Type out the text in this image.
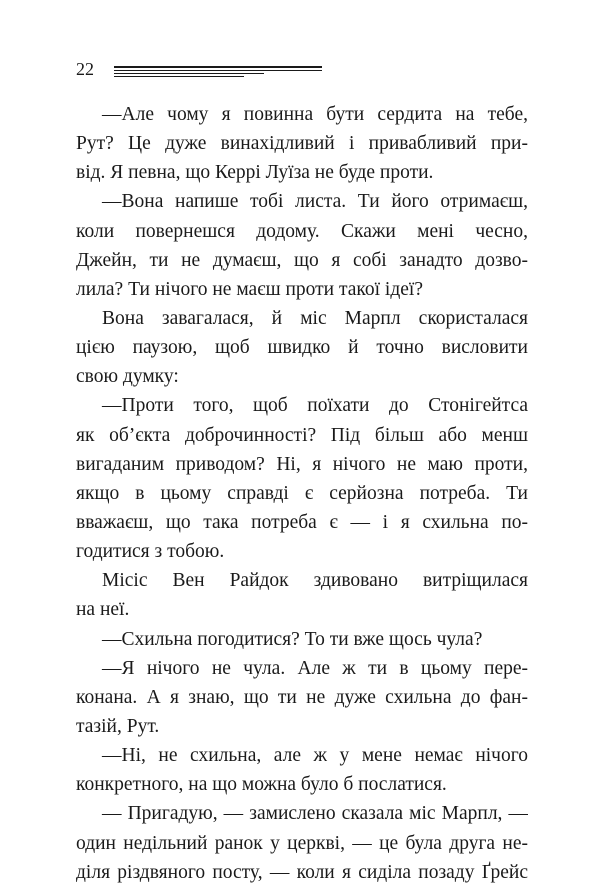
22
—Але чому я повинна бути сердита на тебе,
Рут? Це дуже винахідливий і привабливий при-
від. Я певна, що Керрі Луїза не буде проти.
—Вона напише тобі листа. Ти його отримаєш,
коли повернешся додому. Скажи мені чесно,
Джейн, ти не думаєш, що я собі занадто дозво-
лила? Ти нічого не маєш проти такої ідеї?
Вона завагалася, й міс Марпл скористалася
цією паузою, щоб швидко й точно висловити
свою думку:
—Проти того, щоб поїхати до Стонігейтса
як об’єкта доброчинності? Під більш або менш
вигаданим приводом? Ні, я нічого не маю проти,
якщо в цьому справді є серйозна потреба. Ти
вважаєш, що така потреба є — і я схильна по-
годитися з тобою.
Місіс Вен Райдок здивовано витріщилася
на неї.
—Схильна погодитися? То ти вже щось чула?
—Я нічого не чула. Але ж ти в цьому пере-
конана. А я знаю, що ти не дуже схильна до фан-
тазій, Рут.
—Ні, не схильна, але ж у мене немає нічого
конкретного, на що можна було б послатися.
— Пригадую, — замислено сказала міс Марпл, —
один недільний ранок у церкві, — це була друга не-
діля різдвяного посту, — коли я сиділа позаду Ґрейс
